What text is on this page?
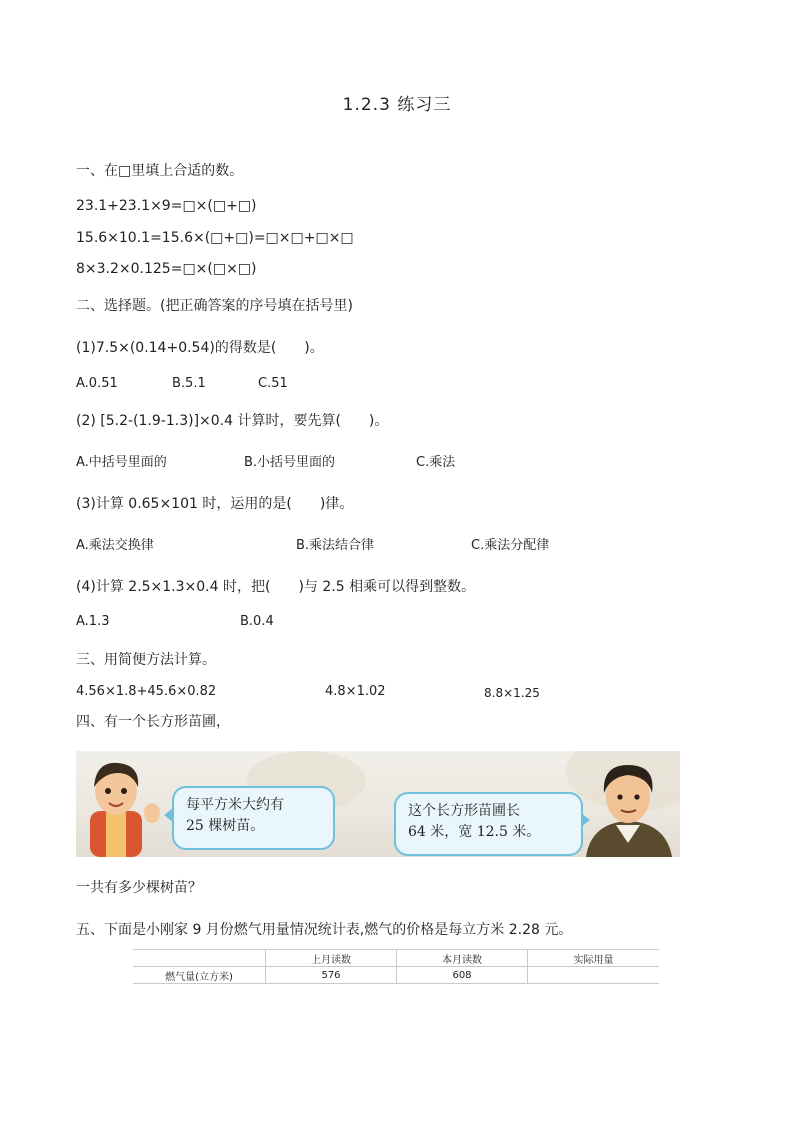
1.2.3 练习三
一、在□里填上合适的数。
23.1+23.1×9=□×(□+□)
15.6×10.1=15.6×(□+□)=□×□+□×□
8×3.2×0.125=□×(□×□)
二、选择题。(把正确答案的序号填在括号里)
(1)7.5×(0.14+0.54)的得数是(　　)。
A.0.51	B.5.1	C.51
(2) [5.2-(1.9-1.3)]×0.4 计算时，要先算(　　)。
A.中括号里面的	B.小括号里面的	C.乘法
(3)计算 0.65×101 时，运用的是(　　)律。
A.乘法交换律	B.乘法结合律	C.乘法分配律
(4)计算 2.5×1.3×0.4 时，把(　　)与 2.5 相乘可以得到整数。
A.1.3	B.0.4
三、用简便方法计算。
4.56×1.8+45.6×0.82	4.8×1.02	8.8×1.25
四、有一个长方形苗圃，
每平方米大约有
25 棵树苗。
这个长方形苗圃长
64 米，宽 12.5 米。
一共有多少棵树苗？
五、下面是小刚家 9 月份燃气用量情况统计表,燃气的价格是每立方米 2.28 元。
	上月读数	本月读数	实际用量
燃气量(立方米)	576	608	
